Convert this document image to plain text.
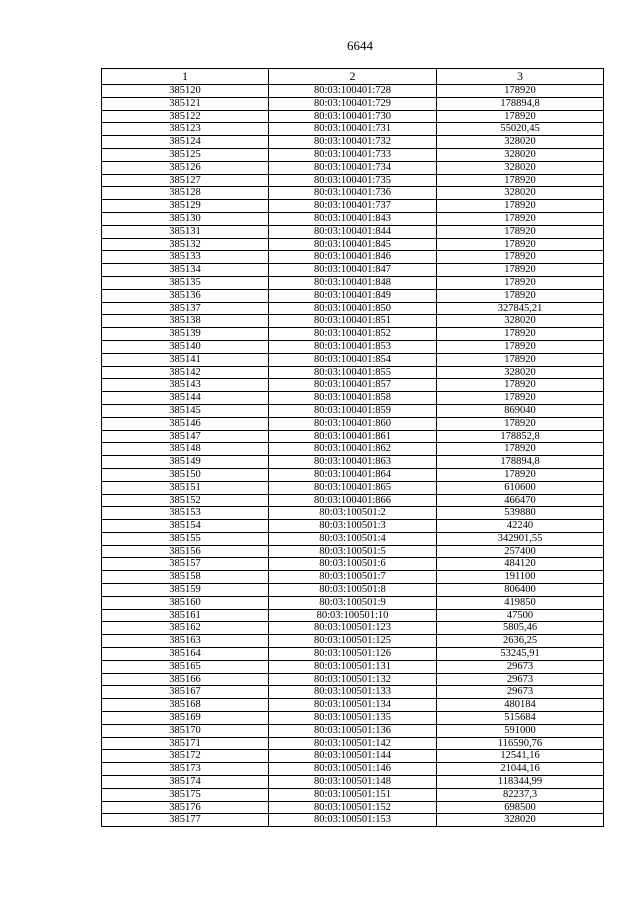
6644
1	2	3
385120	80:03:100401:728	178920
385121	80:03:100401:729	178894,8
385122	80:03:100401:730	178920
385123	80:03:100401:731	55020,45
385124	80:03:100401:732	328020
385125	80:03:100401:733	328020
385126	80:03:100401:734	328020
385127	80:03:100401:735	178920
385128	80:03:100401:736	328020
385129	80:03:100401:737	178920
385130	80:03:100401:843	178920
385131	80:03:100401:844	178920
385132	80:03:100401:845	178920
385133	80:03:100401:846	178920
385134	80:03:100401:847	178920
385135	80:03:100401:848	178920
385136	80:03:100401:849	178920
385137	80:03:100401:850	327845,21
385138	80:03:100401:851	328020
385139	80:03:100401:852	178920
385140	80:03:100401:853	178920
385141	80:03:100401:854	178920
385142	80:03:100401:855	328020
385143	80:03:100401:857	178920
385144	80:03:100401:858	178920
385145	80:03:100401:859	869040
385146	80:03:100401:860	178920
385147	80:03:100401:861	178852,8
385148	80:03:100401:862	178920
385149	80:03:100401:863	178894,8
385150	80:03:100401:864	178920
385151	80:03:100401:865	610600
385152	80:03:100401:866	466470
385153	80:03:100501:2	539880
385154	80:03:100501:3	42240
385155	80:03:100501:4	342901,55
385156	80:03:100501:5	257400
385157	80:03:100501:6	484120
385158	80:03:100501:7	191100
385159	80:03:100501:8	806400
385160	80:03:100501:9	419850
385161	80:03:100501:10	47500
385162	80:03:100501:123	5805,46
385163	80:03:100501:125	2636,25
385164	80:03:100501:126	53245,91
385165	80:03:100501:131	29673
385166	80:03:100501:132	29673
385167	80:03:100501:133	29673
385168	80:03:100501:134	480184
385169	80:03:100501:135	515684
385170	80:03:100501:136	591000
385171	80:03:100501:142	116590,76
385172	80:03:100501:144	12541,16
385173	80:03:100501:146	21044,16
385174	80:03:100501:148	118344,99
385175	80:03:100501:151	82237,3
385176	80:03:100501:152	698500
385177	80:03:100501:153	328020
